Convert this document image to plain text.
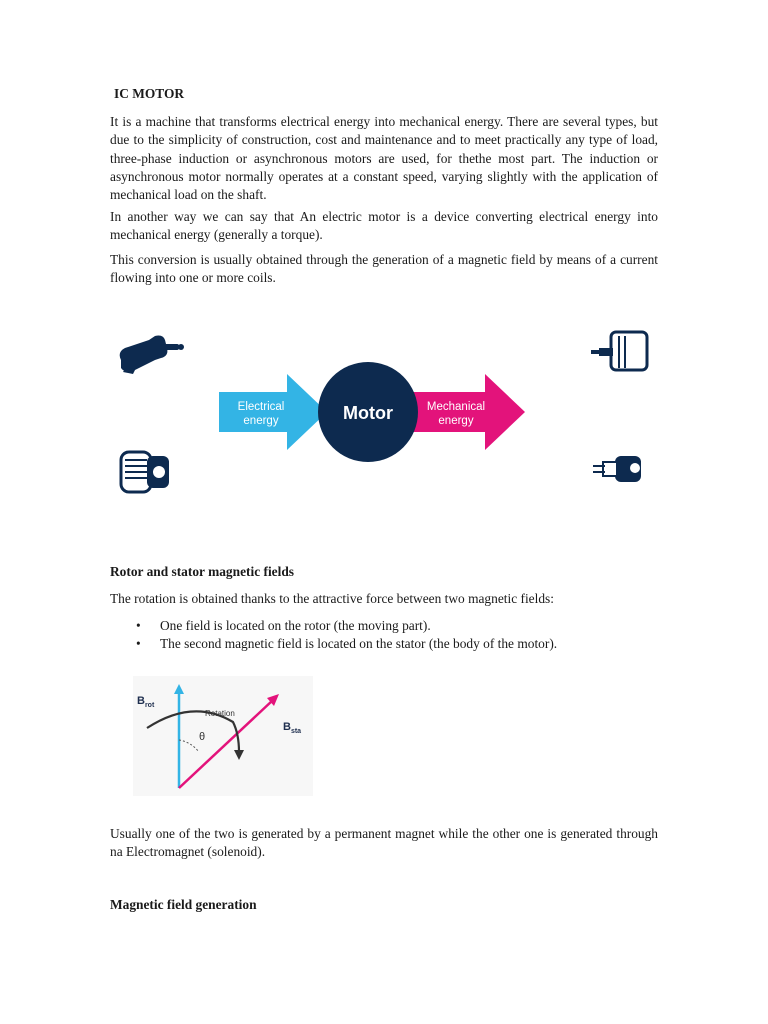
IC MOTOR

It is a machine that transforms electrical energy into mechanical energy. There are several types, but due to the simplicity of construction, cost and maintenance and to meet practically any type of load, three-phase induction or asynchronous motors are used, for thethe most part. The induction or asynchronous motor normally operates at a constant speed, varying slightly with the application of mechanical load on the shaft.

In another way we can say that An electric motor is a device converting electrical energy into mechanical energy (generally a torque).

This conversion is usually obtained through the generation of a magnetic field by means of a current flowing into one or more coils.

Electrical
energy
Mechanical
energy
Motor

Rotor and stator magnetic fields

The rotation is obtained thanks to the attractive force between two magnetic fields:

• One field is located on the rotor (the moving part).
• The second magnetic field is located on the stator (the body of the motor).
$B_{rot}$
$B_{sta}$
Rotation
θ

Usually one of the two is generated by a permanent magnet while the other one is generated through na Electromagnet (solenoid).

Magnetic field generation
